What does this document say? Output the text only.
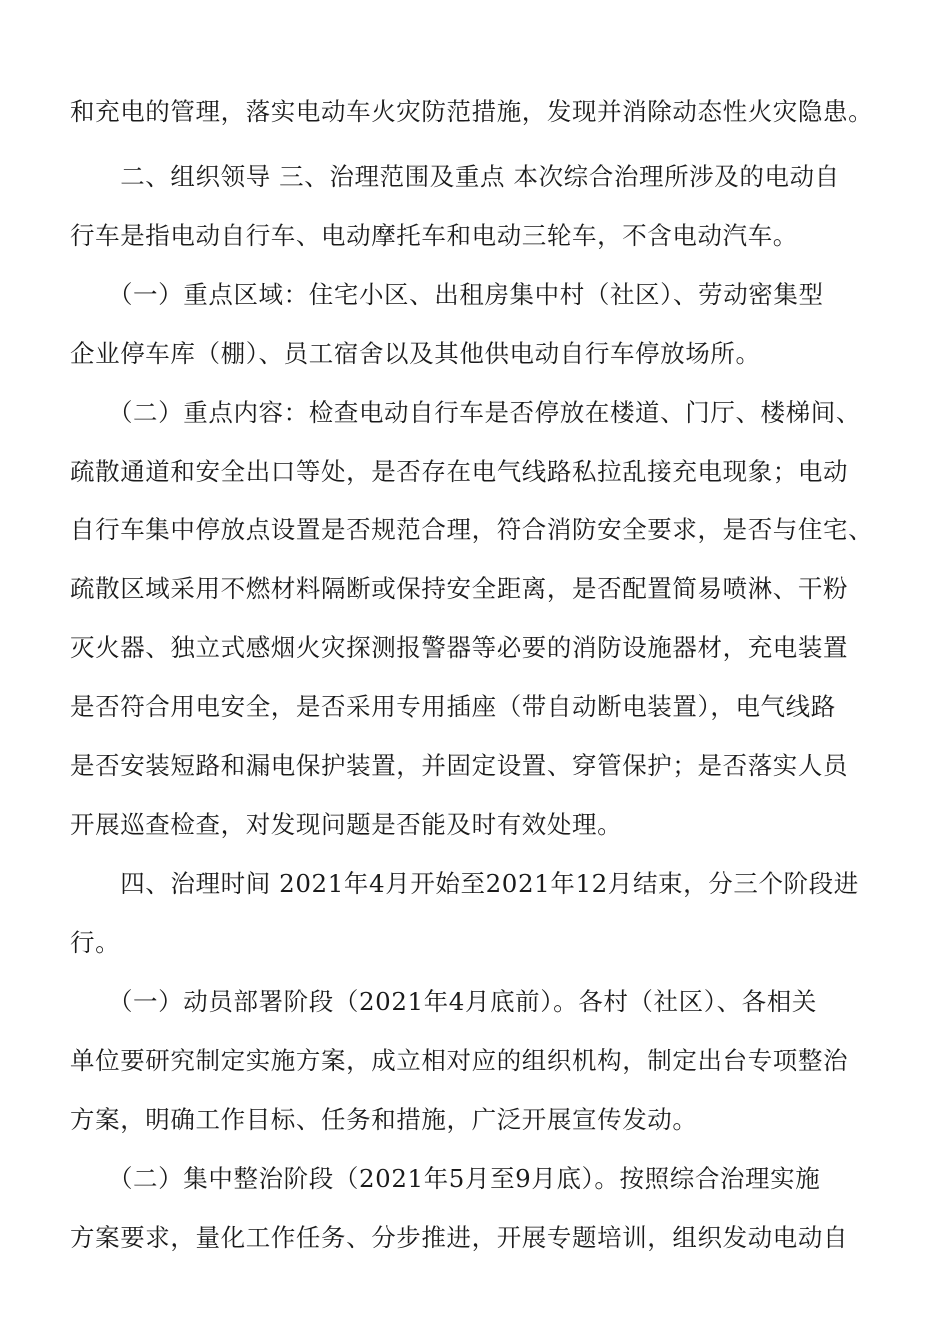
和充电的管理，落实电动车火灾防范措施，发现并消除动态性火灾隐患。
　　二、组织领导 三、治理范围及重点 本次综合治理所涉及的电动自
行车是指电动自行车、电动摩托车和电动三轮车，不含电动汽车。
　　（一）重点区域：住宅小区、出租房集中村（社区）、劳动密集型
企业停车库（棚）、员工宿舍以及其他供电动自行车停放场所。
　　（二）重点内容：检查电动自行车是否停放在楼道、门厅、楼梯间、
疏散通道和安全出口等处，是否存在电气线路私拉乱接充电现象；电动
自行车集中停放点设置是否规范合理，符合消防安全要求，是否与住宅、
疏散区域采用不燃材料隔断或保持安全距离，是否配置简易喷淋、干粉
灭火器、独立式感烟火灾探测报警器等必要的消防设施器材，充电装置
是否符合用电安全，是否采用专用插座（带自动断电装置），电气线路
是否安装短路和漏电保护装置，并固定设置、穿管保护；是否落实人员
开展巡查检查，对发现问题是否能及时有效处理。
　　四、治理时间 2021年4月开始至2021年12月结束，分三个阶段进
行。
　　（一）动员部署阶段（2021年4月底前）。各村（社区）、各相关
单位要研究制定实施方案，成立相对应的组织机构，制定出台专项整治
方案，明确工作目标、任务和措施，广泛开展宣传发动。
　　（二）集中整治阶段（2021年5月至9月底）。按照综合治理实施
方案要求，量化工作任务、分步推进，开展专题培训，组织发动电动自
